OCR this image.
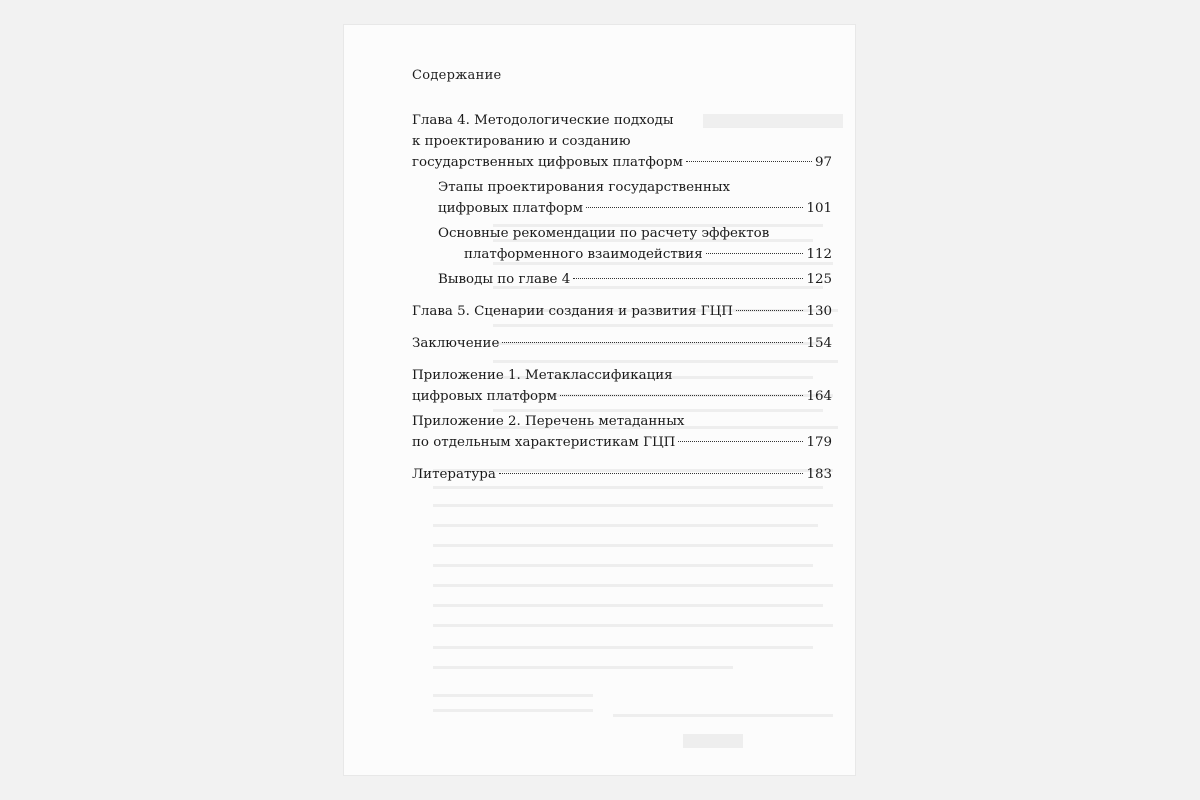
Содержание
Глава 4. Методологические подходы
к проектированию и созданию
государственных цифровых платформ	97
Этапы проектирования государственных
цифровых платформ	101
Основные рекомендации по расчету эффектов
платформенного взаимодействия	112
Выводы по главе 4	125
Глава 5. Сценарии создания и развития ГЦП	130
Заключение	154
Приложение 1. Метаклассификация
цифровых платформ	164
Приложение 2. Перечень метаданных
по отдельным характеристикам ГЦП	179
Литература	183
